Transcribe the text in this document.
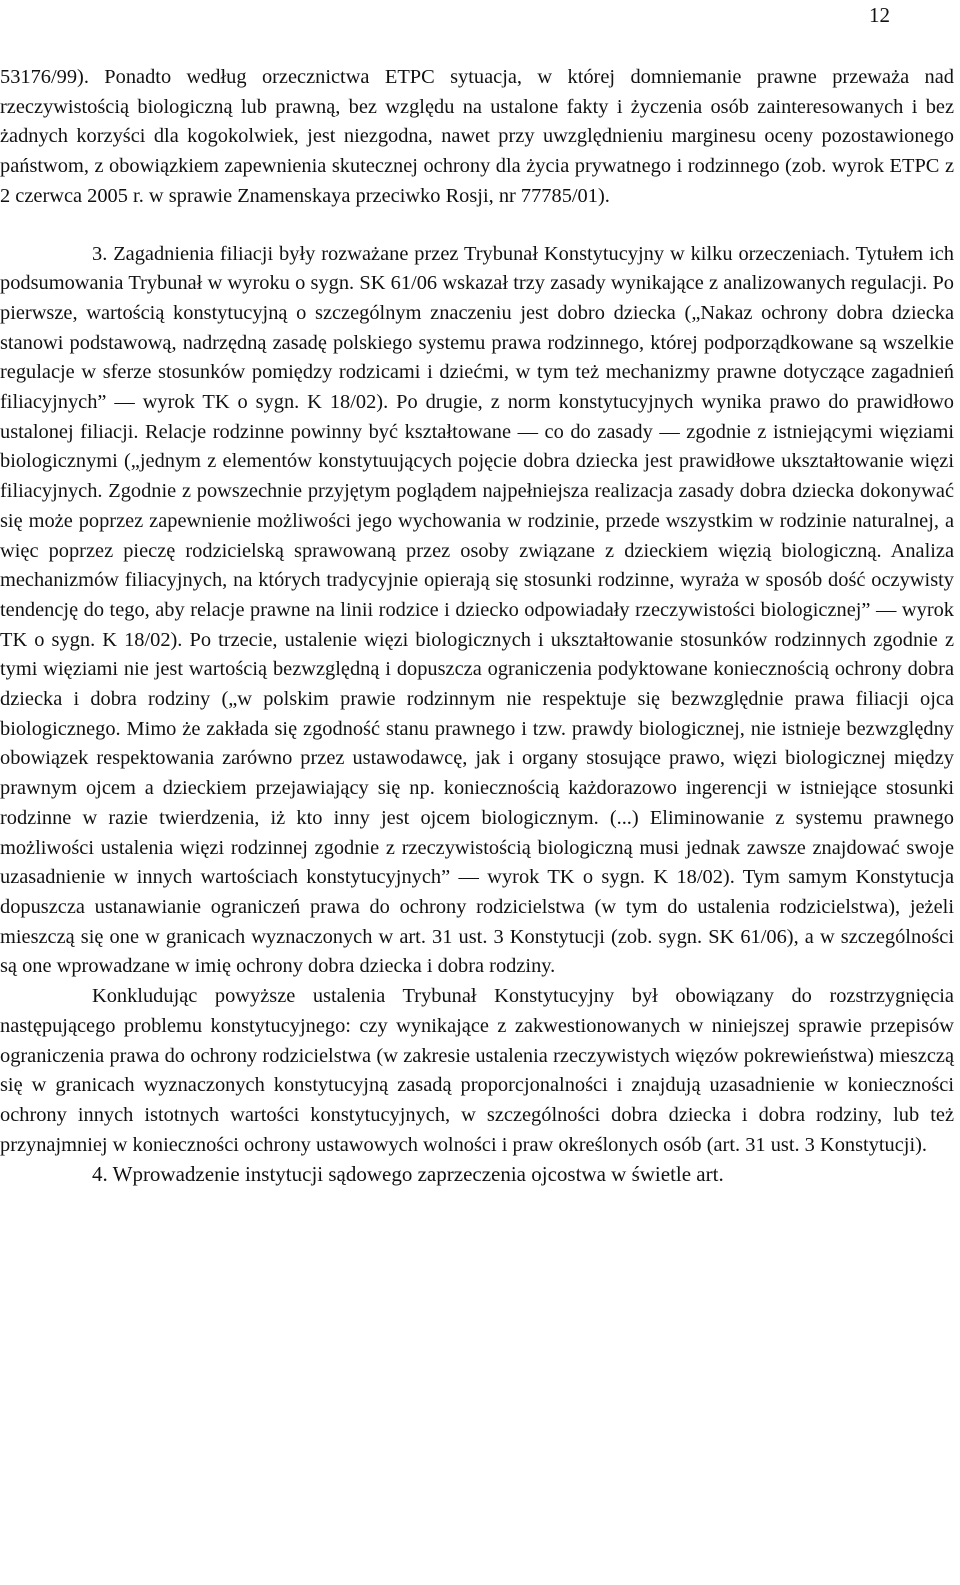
12

53176/99). Ponadto według orzecznictwa ETPC sytuacja, w której domniemanie prawne przeważa nad rzeczywistością biologiczną lub prawną, bez względu na ustalone fakty i życzenia osób zainteresowanych i bez żadnych korzyści dla kogokolwiek, jest niezgodna, nawet przy uwzględnieniu marginesu oceny pozostawionego państwom, z obowiązkiem zapewnienia skutecznej ochrony dla życia prywatnego i rodzinnego (zob. wyrok ETPC z 2 czerwca 2005 r. w sprawie Znamenskaya przeciwko Rosji, nr 77785/01).

3. Zagadnienia filiacji były rozważane przez Trybunał Konstytucyjny w kilku orzeczeniach. Tytułem ich podsumowania Trybunał w wyroku o sygn. SK 61/06 wskazał trzy zasady wynikające z analizowanych regulacji. Po pierwsze, wartością konstytucyjną o szczególnym znaczeniu jest dobro dziecka („Nakaz ochrony dobra dziecka stanowi podstawową, nadrzędną zasadę polskiego systemu prawa rodzinnego, której podporządkowane są wszelkie regulacje w sferze stosunków pomiędzy rodzicami i dziećmi, w tym też mechanizmy prawne dotyczące zagadnień filiacyjnych” — wyrok TK o sygn. K 18/02). Po drugie, z norm konstytucyjnych wynika prawo do prawidłowo ustalonej filiacji. Relacje rodzinne powinny być kształtowane — co do zasady — zgodnie z istniejącymi więziami biologicznymi („jednym z elementów konstytuujących pojęcie dobra dziecka jest prawidłowe ukształtowanie więzi filiacyjnych. Zgodnie z powszechnie przyjętym poglądem najpełniejsza realizacja zasady dobra dziecka dokonywać się może poprzez zapewnienie możliwości jego wychowania w rodzinie, przede wszystkim w rodzinie naturalnej, a więc poprzez pieczę rodzicielską sprawowaną przez osoby związane z dzieckiem więzią biologiczną. Analiza mechanizmów filiacyjnych, na których tradycyjnie opierają się stosunki rodzinne, wyraża w sposób dość oczywisty tendencję do tego, aby relacje prawne na linii rodzice i dziecko odpowiadały rzeczywistości biologicznej” — wyrok TK o sygn. K 18/02). Po trzecie, ustalenie więzi biologicznych i ukształtowanie stosunków rodzinnych zgodnie z tymi więziami nie jest wartością bezwzględną i dopuszcza ograniczenia podyktowane koniecznością ochrony dobra dziecka i dobra rodziny („w polskim prawie rodzinnym nie respektuje się bezwzględnie prawa filiacji ojca biologicznego. Mimo że zakłada się zgodność stanu prawnego i tzw. prawdy biologicznej, nie istnieje bezwzględny obowiązek respektowania zarówno przez ustawodawcę, jak i organy stosujące prawo, więzi biologicznej między prawnym ojcem a dzieckiem przejawiający się np. koniecznością każdorazowo ingerencji w istniejące stosunki rodzinne w razie twierdzenia, iż kto inny jest ojcem biologicznym. (...) Eliminowanie z systemu prawnego możliwości ustalenia więzi rodzinnej zgodnie z rzeczywistością biologiczną musi jednak zawsze znajdować swoje uzasadnienie w innych wartościach konstytucyjnych” — wyrok TK o sygn. K 18/02). Tym samym Konstytucja dopuszcza ustanawianie ograniczeń prawa do ochrony rodzicielstwa (w tym do ustalenia rodzicielstwa), jeżeli mieszczą się one w granicach wyznaczonych w art. 31 ust. 3 Konstytucji (zob. sygn. SK 61/06), a w szczególności są one wprowadzane w imię ochrony dobra dziecka i dobra rodziny.

Konkludując powyższe ustalenia Trybunał Konstytucyjny był obowiązany do rozstrzygnięcia następującego problemu konstytucyjnego: czy wynikające z zakwestionowanych w niniejszej sprawie przepisów ograniczenia prawa do ochrony rodzicielstwa (w zakresie ustalenia rzeczywistych więzów pokrewieństwa) mieszczą się w granicach wyznaczonych konstytucyjną zasadą proporcjonalności i znajdują uzasadnienie w konieczności ochrony innych istotnych wartości konstytucyjnych, w szczególności dobra dziecka i dobra rodziny, lub też przynajmniej w konieczności ochrony ustawowych wolności i praw określonych osób (art. 31 ust. 3 Konstytucji).

4. Wprowadzenie instytucji sądowego zaprzeczenia ojcostwa w świetle art.
